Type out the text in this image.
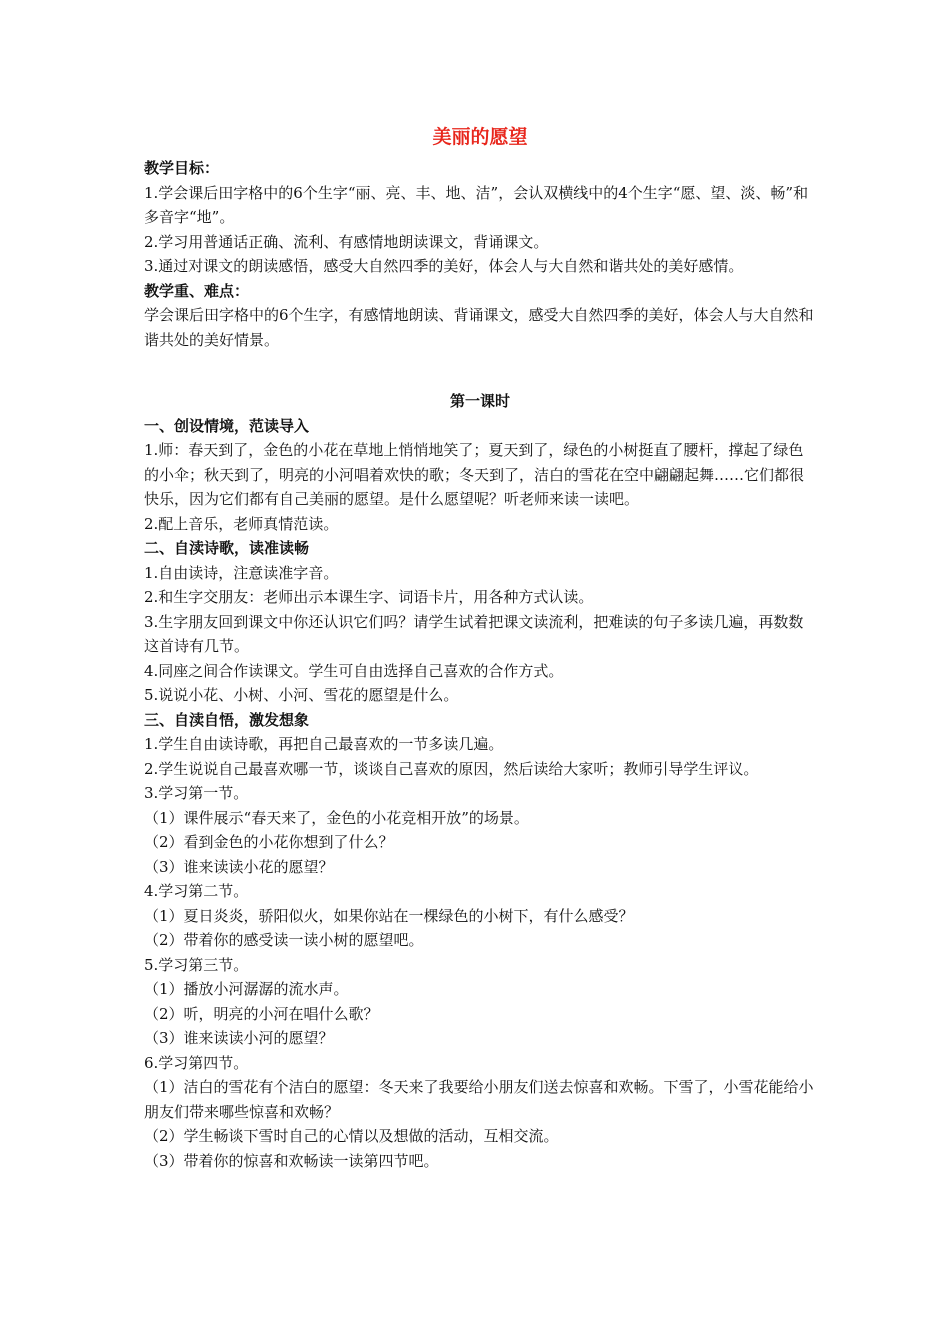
美丽的愿望
教学目标：

1.学会课后田字格中的6个生字“丽、亮、丰、地、洁”，会认双横线中的4个生字“愿、望、淡、畅”和多音字“地”。

2.学习用普通话正确、流利、有感情地朗读课文，背诵课文。

3.通过对课文的朗读感悟，感受大自然四季的美好，体会人与大自然和谐共处的美好感情。

教学重、难点：

学会课后田字格中的6个生字，有感情地朗读、背诵课文，感受大自然四季的美好，体会人与大自然和谐共处的美好情景。

第一课时
一、创设情境，范读导入

1.师：春天到了，金色的小花在草地上悄悄地笑了；夏天到了，绿色的小树挺直了腰杆，撑起了绿色的小伞；秋天到了，明亮的小河唱着欢快的歌；冬天到了，洁白的雪花在空中翩翩起舞……它们都很快乐，因为它们都有自己美丽的愿望。是什么愿望呢？听老师来读一读吧。

2.配上音乐，老师真情范读。

二、自渎诗歌，读准读畅

1.自由读诗，注意读准字音。

2.和生字交朋友：老师出示本课生字、词语卡片，用各种方式认读。

3.生字朋友回到课文中你还认识它们吗？请学生试着把课文读流利，把难读的句子多读几遍，再数数这首诗有几节。

4.同座之间合作读课文。学生可自由选择自己喜欢的合作方式。

5.说说小花、小树、小河、雪花的愿望是什么。

三、自渎自悟，激发想象

1.学生自由读诗歌，再把自己最喜欢的一节多读几遍。

2.学生说说自己最喜欢哪一节，谈谈自己喜欢的原因，然后读给大家听；教师引导学生评议。

3.学习第一节。

（1）课件展示“春天来了，金色的小花竞相开放”的场景。

（2）看到金色的小花你想到了什么？

（3）谁来读读小花的愿望？

4.学习第二节。

（1）夏日炎炎，骄阳似火，如果你站在一棵绿色的小树下，有什么感受？

（2）带着你的感受读一读小树的愿望吧。

5.学习第三节。

（1）播放小河潺潺的流水声。

（2）听，明亮的小河在唱什么歌？

（3）谁来读读小河的愿望？

6.学习第四节。

（1）洁白的雪花有个洁白的愿望：冬天来了我要给小朋友们送去惊喜和欢畅。下雪了，小雪花能给小朋友们带来哪些惊喜和欢畅？

（2）学生畅谈下雪时自己的心情以及想做的活动，互相交流。

（3）带着你的惊喜和欢畅读一读第四节吧。
